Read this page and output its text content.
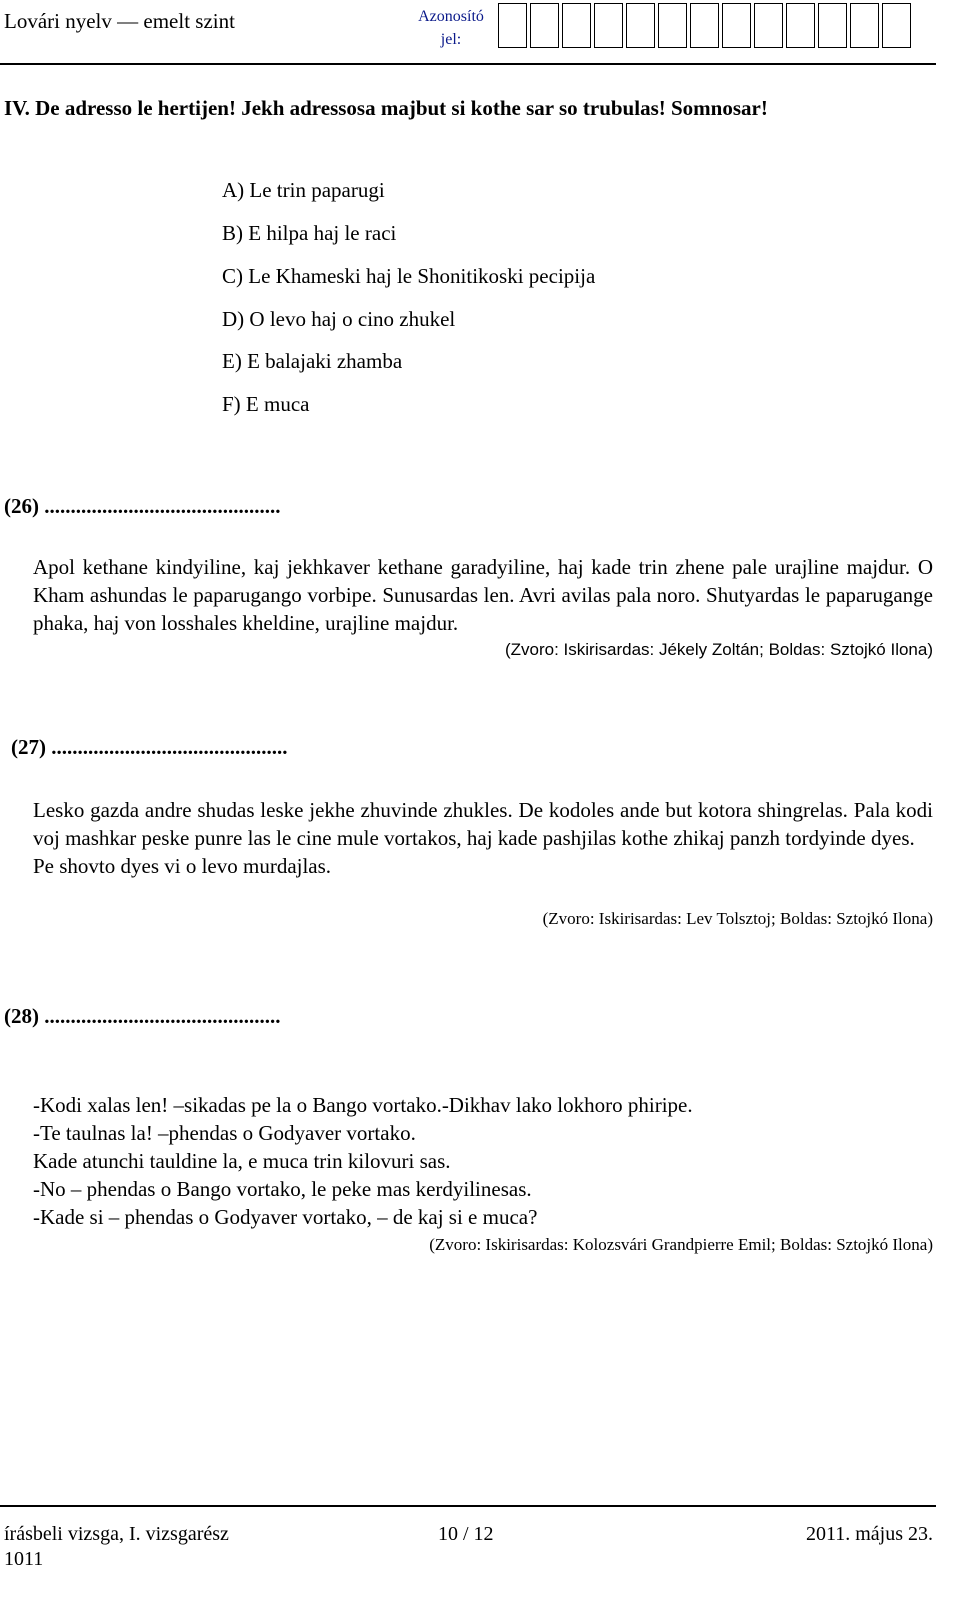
Lovári nyelv — emelt szint	Azonosító jel:
IV. De adresso le hertijen! Jekh adressosa majbut si kothe sar so trubulas! Somnosar!
A) Le trin paparugi
B) E hilpa haj le raci
C) Le Khameski haj le Shonitikoski pecipija
D) O levo haj o cino zhukel
E) E balajaki zhamba
F) E muca
(26) .............................................

Apol kethane kindyiline, kaj jekhkaver kethane garadyiline, haj kade trin zhene pale urajline majdur. O Kham ashundas le paparugango vorbipe. Sunusardas len. Avri avilas pala noro. Shutyardas le paparugange phaka, haj von losshales kheldine, urajline majdur.

(Zvoro: Iskirisardas: Jékely Zoltán; Boldas: Sztojkó Ilona)
(27) .............................................

Lesko gazda andre shudas leske jekhe zhuvinde zhukles. De kodoles ande but kotora shingrelas. Pala kodi voj mashkar peske punre las le cine mule vortakos, haj kade pashjilas kothe zhikaj panzh tordyinde dyes.

Pe shovto dyes vi o levo murdajlas.

(Zvoro: Iskirisardas: Lev Tolsztoj; Boldas: Sztojkó Ilona)
(28) .............................................
-Kodi xalas len! –sikadas pe la o Bango vortako.-Dikhav lako lokhoro phiripe.
-Te taulnas la! –phendas o Godyaver vortako.
Kade atunchi tauldine la, e muca trin kilovuri sas.
-No – phendas o Bango vortako, le peke mas kerdyilinesas.
-Kade si – phendas o Godyaver vortako, – de kaj si e muca?
(Zvoro: Iskirisardas: Kolozsvári Grandpierre Emil; Boldas: Sztojkó Ilona)
írásbeli vizsga, I. vizsgarész	10 / 12	2011. május 23.
1011
